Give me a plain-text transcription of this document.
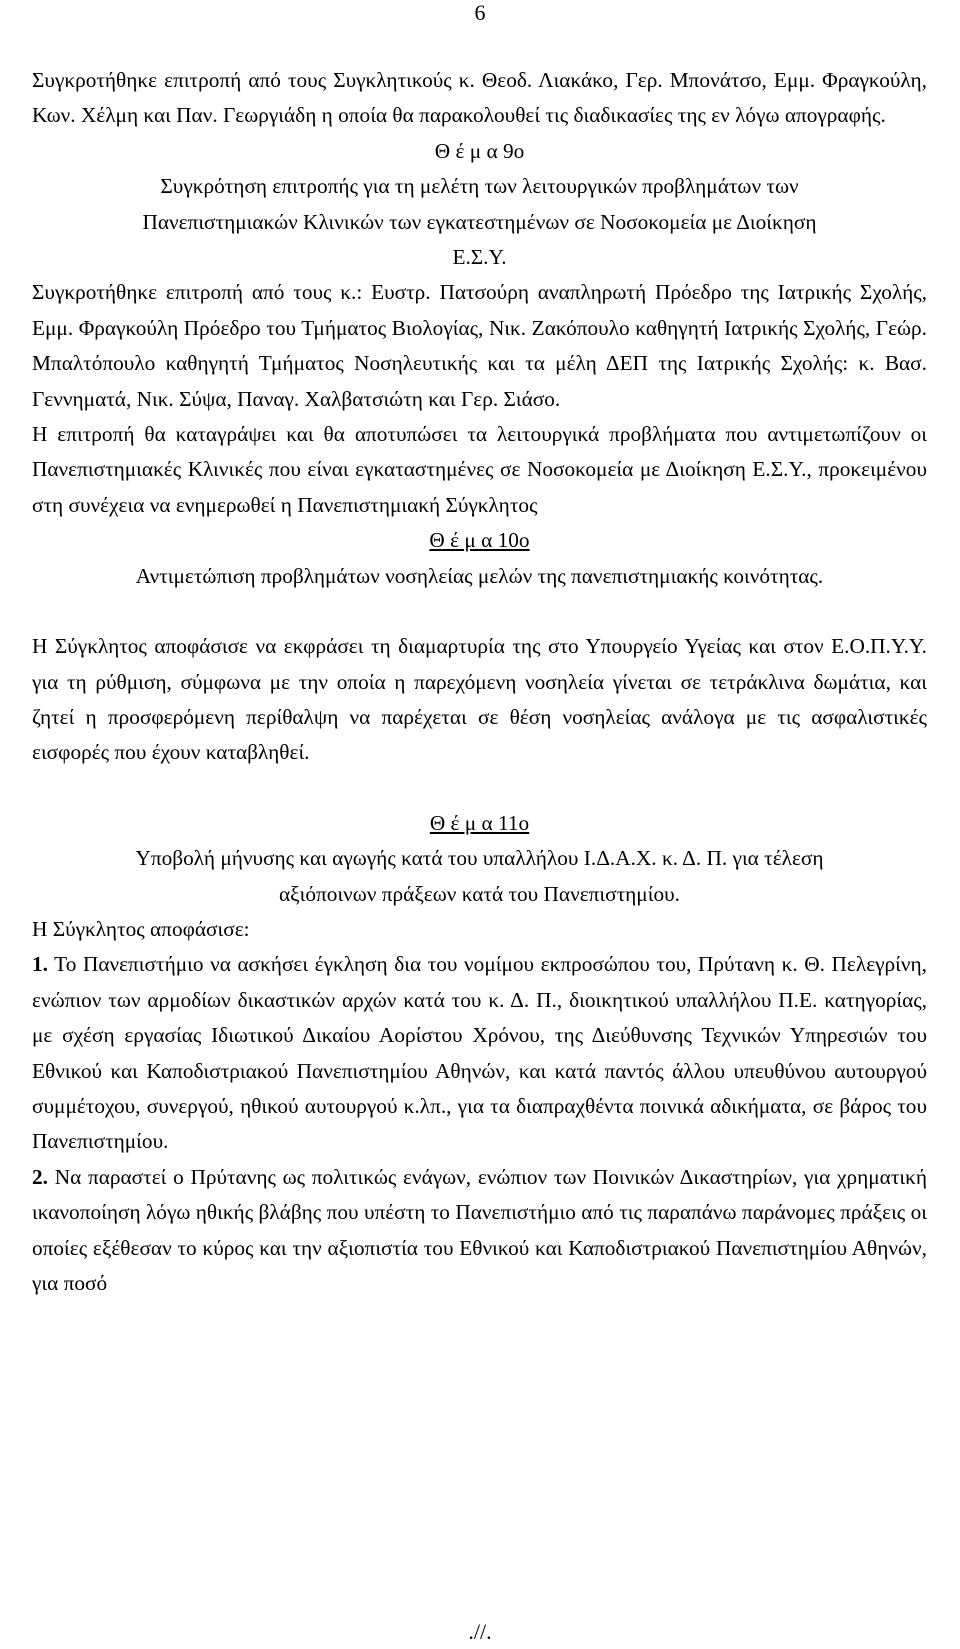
6

Συγκροτήθηκε επιτροπή από τους Συγκλητικούς κ. Θεοδ. Λιακάκο, Γερ. Μπονάτσο, Εμμ. Φραγκούλη, Κων. Χέλμη και Παν. Γεωργιάδη η οποία θα παρακολουθεί τις διαδικασίες της εν λόγω απογραφής.

Θ έ μ α 9ο

Συγκρότηση επιτροπής για τη μελέτη των λειτουργικών προβλημάτων των

Πανεπιστημιακών Κλινικών των εγκατεστημένων σε Νοσοκομεία με Διοίκηση

Ε.Σ.Υ.

Συγκροτήθηκε επιτροπή από τους κ.: Ευστρ. Πατσούρη αναπληρωτή Πρόεδρο της Ιατρικής Σχολής, Εμμ. Φραγκούλη Πρόεδρο του Τμήματος Βιολογίας, Νικ. Ζακόπουλο καθηγητή Ιατρικής Σχολής, Γεώρ. Μπαλτόπουλο καθηγητή Τμήματος Νοσηλευτικής και τα μέλη ΔΕΠ της Ιατρικής Σχολής: κ. Βασ. Γεννηματά, Νικ. Σύψα, Παναγ. Χαλβατσιώτη και Γερ. Σιάσο.

Η επιτροπή θα καταγράψει και θα αποτυπώσει τα λειτουργικά προβλήματα που αντιμετωπίζουν οι Πανεπιστημιακές Κλινικές που είναι εγκαταστημένες σε Νοσοκομεία με Διοίκηση Ε.Σ.Υ., προκειμένου στη συνέχεια να ενημερωθεί η Πανεπιστημιακή Σύγκλητος

Θ έ μ α 10ο

Αντιμετώπιση προβλημάτων νοσηλείας μελών της πανεπιστημιακής κοινότητας.

Η Σύγκλητος αποφάσισε να εκφράσει τη διαμαρτυρία της στο Υπουργείο Υγείας και στον Ε.Ο.Π.Υ.Υ. για τη ρύθμιση, σύμφωνα με την οποία η παρεχόμενη νοσηλεία γίνεται σε τετράκλινα δωμάτια, και ζητεί η προσφερόμενη περίθαλψη να παρέχεται σε θέση νοσηλείας ανάλογα με τις ασφαλιστικές εισφορές που έχουν καταβληθεί.

Θ έ μ α 11ο

Υποβολή μήνυσης και αγωγής κατά του υπαλλήλου Ι.Δ.Α.Χ. κ. Δ. Π. για τέλεση

αξιόποινων πράξεων κατά του Πανεπιστημίου.

Η Σύγκλητος αποφάσισε:

1. Το Πανεπιστήμιο να ασκήσει έγκληση δια του νομίμου εκπροσώπου του, Πρύτανη κ. Θ. Πελεγρίνη, ενώπιον των αρμοδίων δικαστικών αρχών κατά του κ. Δ. Π., διοικητικού υπαλλήλου Π.Ε. κατηγορίας, με σχέση εργασίας Ιδιωτικού Δικαίου Αορίστου Χρόνου, της Διεύθυνσης Τεχνικών Υπηρεσιών του Εθνικού και Καποδιστριακού Πανεπιστημίου Αθηνών, και κατά παντός άλλου υπευθύνου αυτουργού συμμέτοχου, συνεργού, ηθικού αυτουργού κ.λπ., για τα διαπραχθέντα ποινικά αδικήματα, σε βάρος του Πανεπιστημίου.

2. Να παραστεί ο Πρύτανης ως πολιτικώς ενάγων, ενώπιον των Ποινικών Δικαστηρίων, για χρηματική ικανοποίηση λόγω ηθικής βλάβης που υπέστη το Πανεπιστήμιο από τις παραπάνω παράνομες πράξεις οι οποίες εξέθεσαν το κύρος και την αξιοπιστία του Εθνικού και Καποδιστριακού Πανεπιστημίου Αθηνών, για ποσό

.//.
